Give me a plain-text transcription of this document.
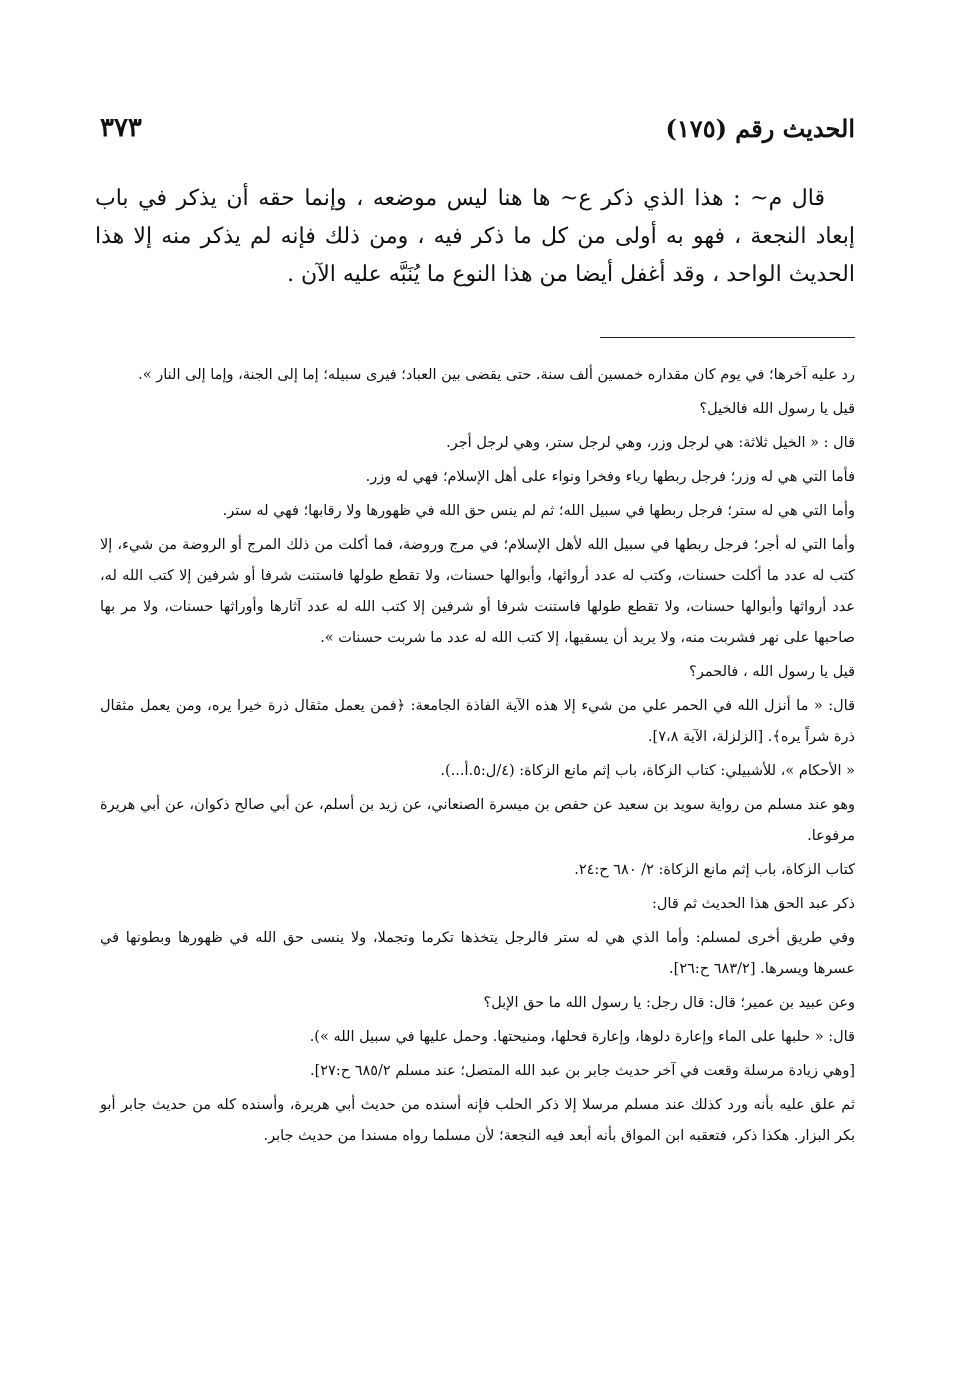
الحديث رقم (١٧٥)
٣٧٣

قال م~ : هذا الذي ذكر ع~ ها هنا ليس موضعه ، وإنما حقه أن يذكر في باب إبعاد النجعة ، فهو به أولى من كل ما ذكر فيه ، ومن ذلك فإنه لم يذكر منه إلا هذا الحديث الواحد ، وقد أغفل أيضا من هذا النوع ما يُنَبَّه عليه الآن .

رد عليه آخرها؛ في يوم كان مقداره خمسين ألف سنة. حتى يقضى بين العباد؛ فيرى سبيله؛ إما إلى الجنة، وإما إلى النار ».

قيل يا رسول الله فالخيل؟

قال : « الخيل ثلاثة: هي لرجل وزر، وهي لرجل ستر، وهي لرجل أجر.

فأما التي هي له وزر؛ فرجل ربطها رياء وفخرا ونواء على أهل الإسلام؛ فهي له وزر.

وأما التي هي له ستر؛ فرجل ربطها في سبيل الله؛ ثم لم ينس حق الله في ظهورها ولا رقابها؛ فهي له ستر.

وأما التي له أجر؛ فرجل ربطها في سبيل الله لأهل الإسلام؛ في مرج وروضة، فما أكلت من ذلك المرج أو الروضة من شيء، إلا كتب له عدد ما أكلت حسنات، وكتب له عدد أرواثها، وأبوالها حسنات، ولا تقطع طولها فاستنت شرفا أو شرفين إلا كتب الله له، عدد أرواثها وأبوالها حسنات، ولا تقطع طولها فاستنت شرفا أو شرفين إلا كتب الله له عدد آثارها وأوراثها حسنات، ولا مر بها صاحبها على نهر فشربت منه، ولا يريد أن يسقيها، إلا كتب الله له عدد ما شربت حسنات ».

قيل يا رسول الله ، فالحمر؟

قال: « ما أنزل الله في الحمر علي من شيء إلا هذه الآية الفاذة الجامعة: ﴿فمن يعمل مثقال ذرة خيرا يره، ومن يعمل مثقال ذرة شراً يره﴾. [الزلزلة، الآية ٧،٨].

« الأحكام »، للأشبيلي: كتاب الزكاة، باب إثم مانع الزكاة: (٤/ل:٥.أ...).

وهو عند مسلم من رواية سويد بن سعيد عن حفص بن ميسرة الصنعاني، عن زيد بن أسلم، عن أبي صالح ذكوان، عن أبي هريرة مرفوعا.

كتاب الزكاة، باب إثم مانع الزكاة: ٢/ ٦٨٠ ح:٢٤.

ذكر عبد الحق هذا الحديث ثم قال:

وفي طريق أخرى لمسلم: وأما الذي هي له ستر فالرجل يتخذها تكرما وتجملا، ولا ينسى حق الله في ظهورها وبطونها في عسرها ويسرها. [٦٨٣/٢ ح:٢٦].

وعن عبيد بن عمير؛ قال: قال رجل: يا رسول الله ما حق الإبل؟

قال: « حلبها على الماء وإعارة دلوها، وإعارة فحلها، ومنيحتها. وحمل عليها في سبيل الله »).

[وهي زيادة مرسلة وقعت في آخر حديث جابر بن عبد الله المتصل؛ عند مسلم ٦٨٥/٢ ح:٢٧].

ثم علق عليه بأنه ورد كذلك عند مسلم مرسلا إلا ذكر الحلب فإنه أسنده من حديث أبي هريرة، وأسنده كله من حديث جابر أبو بكر البزار. هكذا ذكر، فتعقبه ابن المواق بأنه أبعد فيه النجعة؛ لأن مسلما رواه مسندا من حديث جابر.
